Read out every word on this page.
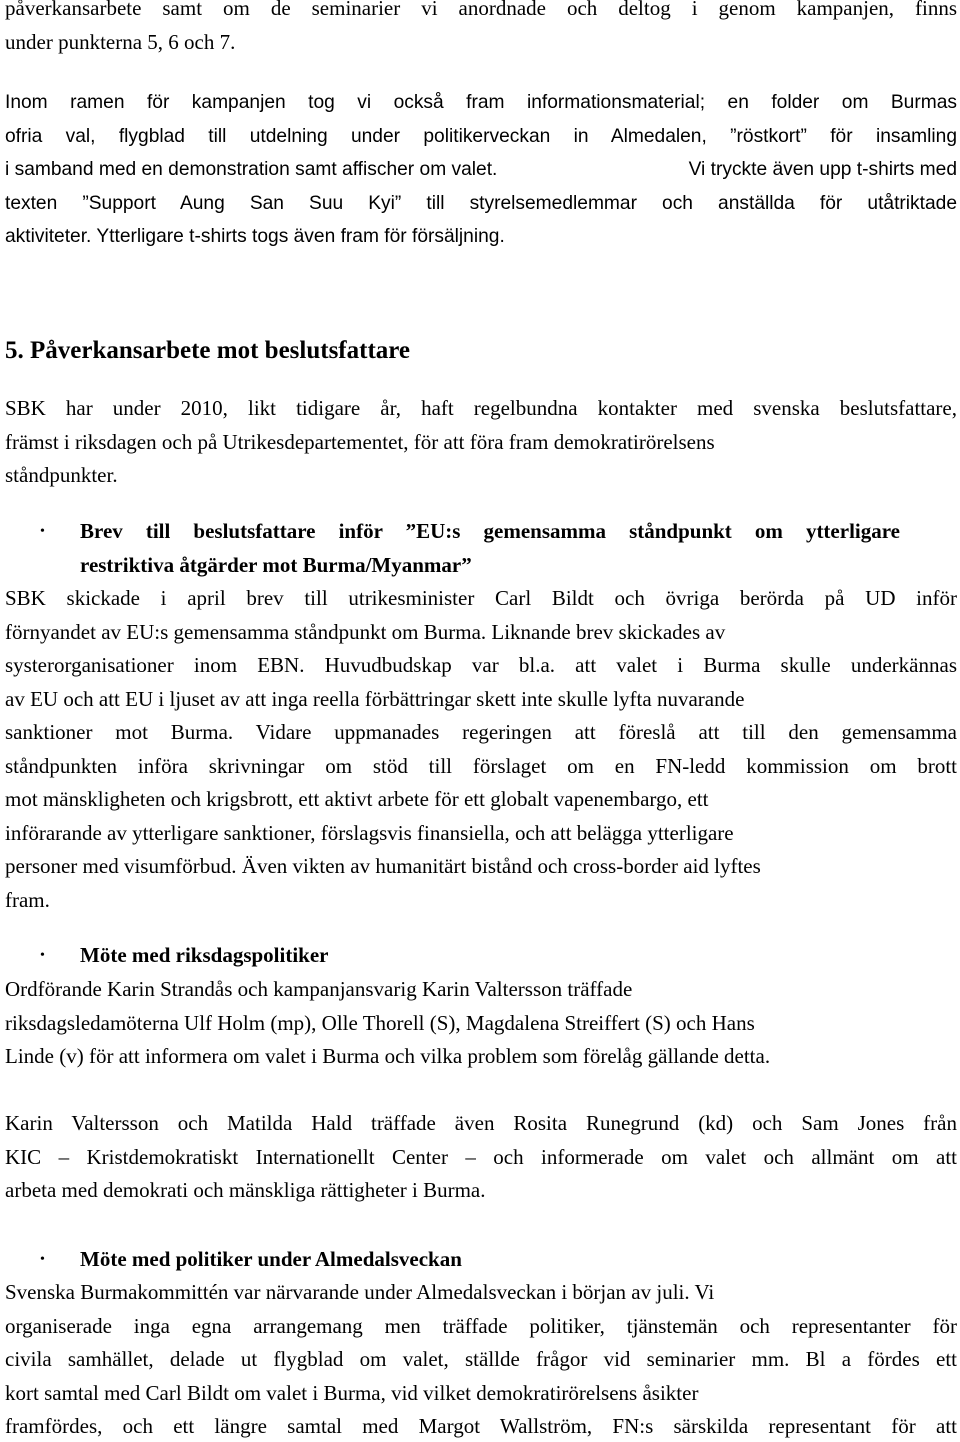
påverkansarbete samt om de seminarier vi anordnade och deltog i genom kampanjen, finns
under punkterna 5, 6 och 7.
Inom ramen för kampanjen tog vi också fram informationsmaterial; en folder om Burmas
ofria val, flygblad till utdelning under politikerveckan in Almedalen, ”röstkort” för insamling
i samband med en demonstration samt affischer om valet.	Vi tryckte även upp t-shirts med
texten ”Support Aung San Suu Kyi” till styrelsemedlemmar och anställda för utåtriktade
aktiviteter. Ytterligare t-shirts togs även fram för försäljning.
5. Påverkansarbete mot beslutsfattare
SBK har under 2010, likt tidigare år, haft regelbundna kontakter med svenska beslutsfattare,
främst i riksdagen och på Utrikesdepartementet, för att föra fram demokratirörelsens
ståndpunkter.
• Brev till beslutsfattare inför ”EU:s gemensamma ståndpunkt om ytterligare
restriktiva åtgärder mot Burma/Myanmar”
SBK skickade i april brev till utrikesminister Carl Bildt och övriga berörda på UD inför
förnyandet av EU:s gemensamma ståndpunkt om Burma. Liknande brev skickades av
systerorganisationer inom EBN. Huvudbudskap var bl.a. att valet i Burma skulle underkännas
av EU och att EU i ljuset av att inga reella förbättringar skett inte skulle lyfta nuvarande
sanktioner mot Burma. Vidare uppmanades regeringen att föreslå att till den gemensamma
ståndpunkten införa skrivningar om stöd till förslaget om en FN-ledd kommission om brott
mot mänskligheten och krigsbrott, ett aktivt arbete för ett globalt vapenembargo, ett
införarande av ytterligare sanktioner, förslagsvis finansiella, och att belägga ytterligare
personer med visumförbud. Även vikten av humanitärt bistånd och cross-border aid lyftes
fram.
• Möte med riksdagspolitiker
Ordförande Karin Strandås och kampanjansvarig Karin Valtersson träffade
riksdagsledamöterna Ulf Holm (mp), Olle Thorell (S), Magdalena Streiffert (S) och Hans
Linde (v) för att informera om valet i Burma och vilka problem som förelåg gällande detta.
Karin Valtersson och Matilda Hald träffade även Rosita Runegrund (kd) och Sam Jones från
KIC – Kristdemokratiskt Internationellt Center – och informerade om valet och allmänt om att
arbeta med demokrati och mänskliga rättigheter i Burma.
• Möte med politiker under Almedalsveckan
Svenska Burmakommittén var närvarande under Almedalsveckan i början av juli. Vi
organiserade inga egna arrangemang men träffade politiker, tjänstemän och representanter för
civila samhället, delade ut flygblad om valet, ställde frågor vid seminarier mm. Bl a fördes ett
kort samtal med Carl Bildt om valet i Burma, vid vilket demokratirörelsens åsikter
framfördes, och ett längre samtal med Margot Wallström, FN:s särskilda representant för att
